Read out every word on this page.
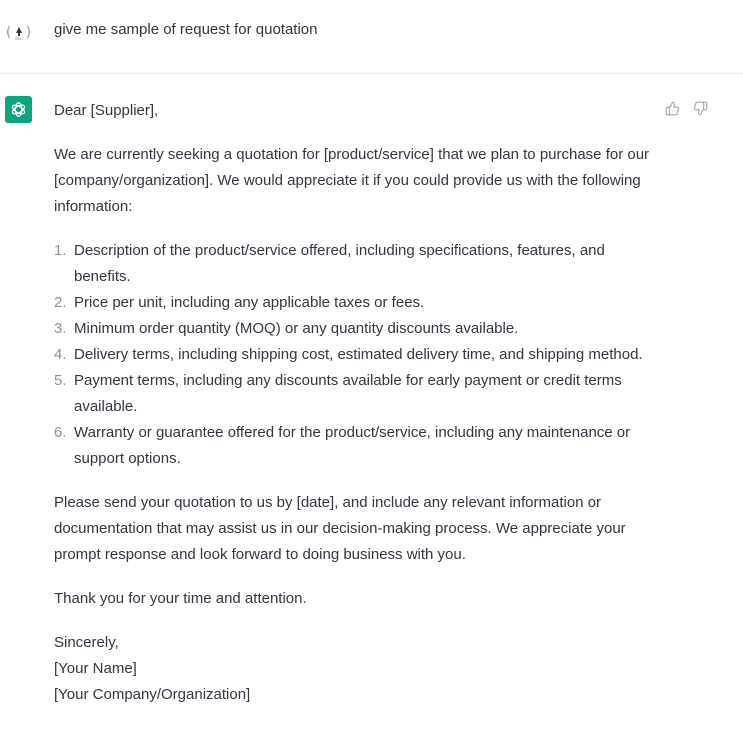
( )
dbu
give me sample of request for quotation

Dear [Supplier],

We are currently seeking a quotation for [product/service] that we plan to purchase for our [company/organization]. We would appreciate it if you could provide us with the following information:

1. Description of the product/service offered, including specifications, features, and benefits.
2. Price per unit, including any applicable taxes or fees.
3. Minimum order quantity (MOQ) or any quantity discounts available.
4. Delivery terms, including shipping cost, estimated delivery time, and shipping method.
5. Payment terms, including any discounts available for early payment or credit terms available.
6. Warranty or guarantee offered for the product/service, including any maintenance or support options.

Please send your quotation to us by [date], and include any relevant information or documentation that may assist us in our decision-making process. We appreciate your prompt response and look forward to doing business with you.

Thank you for your time and attention.

Sincerely,

[Your Name]

[Your Company/Organization]
